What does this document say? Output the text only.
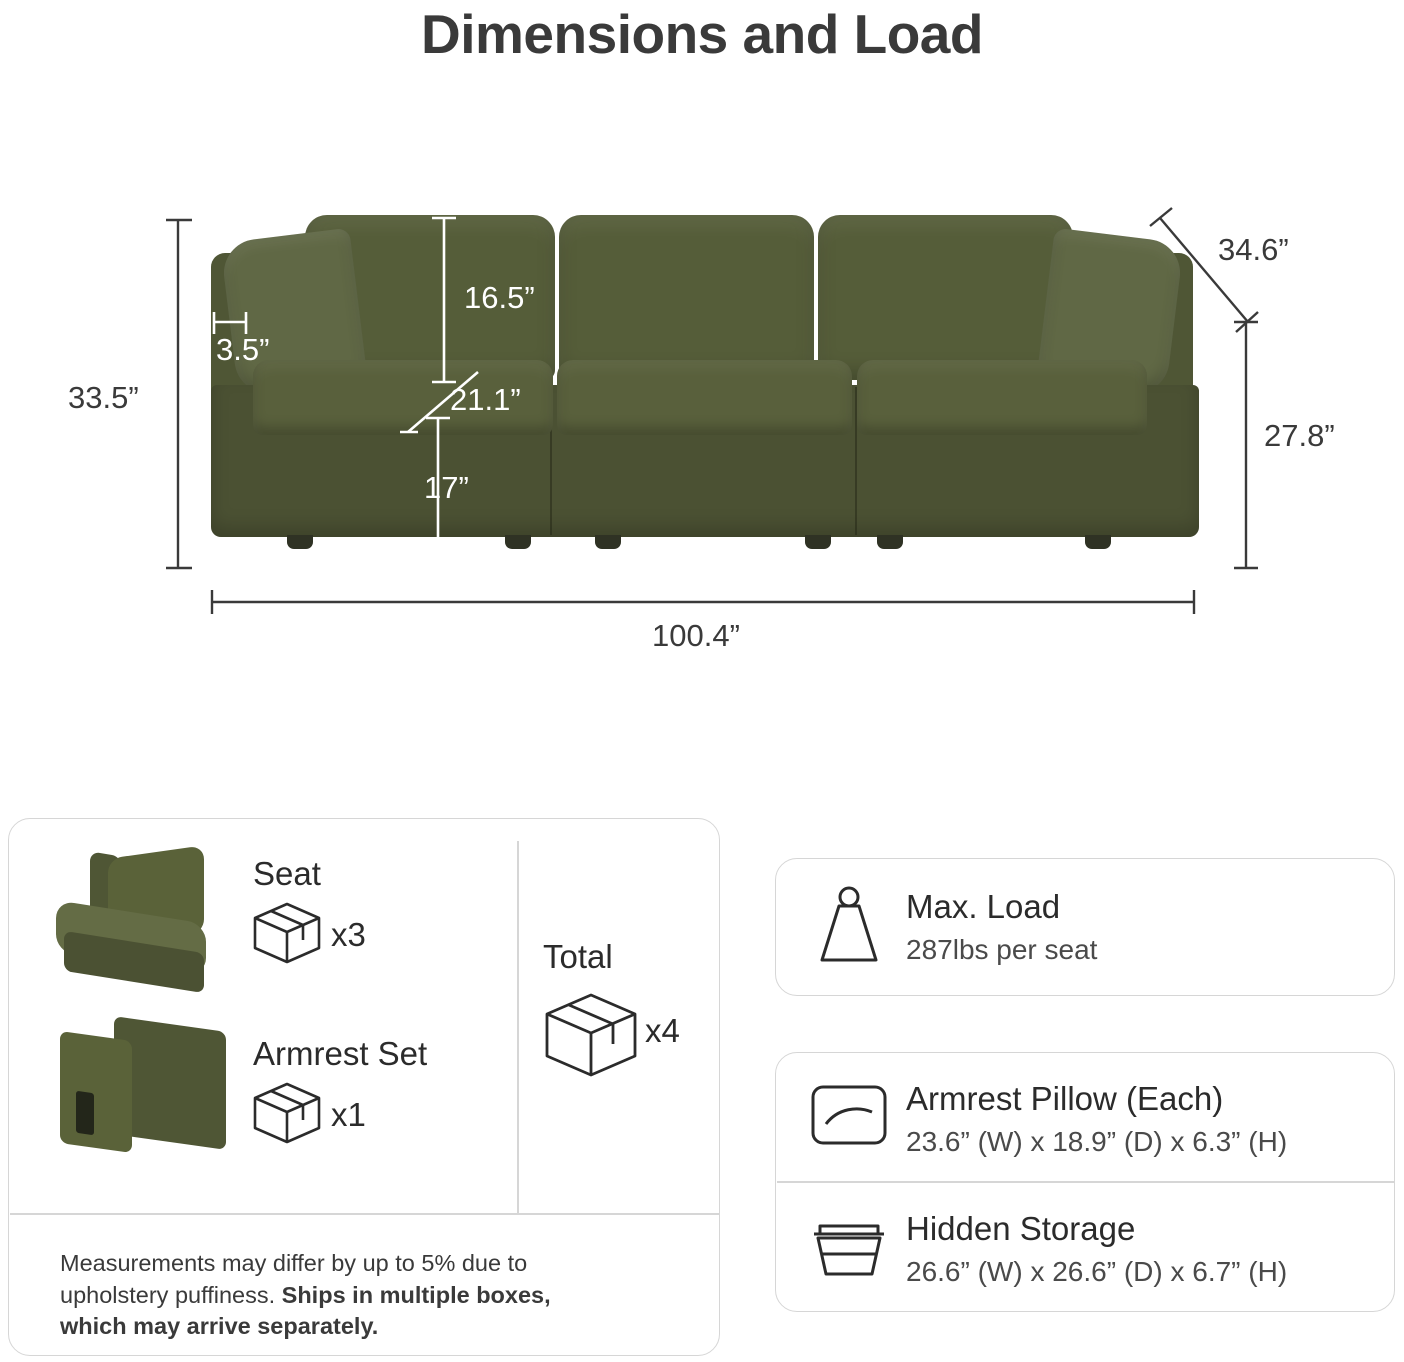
Dimensions and Load
33.5”
16.5”
3.5”
21.1”
17”
34.6”
27.8”
100.4”
Seat
x3
Armrest Set
x1
Total
x4
Measurements may differ by up to 5% due to upholstery puffiness. Ships in multiple boxes, which may arrive separately.
Max. Load
287lbs per seat
Armrest Pillow (Each)
23.6” (W) x 18.9” (D) x 6.3” (H)
Hidden Storage
26.6” (W) x 26.6” (D) x 6.7” (H)
